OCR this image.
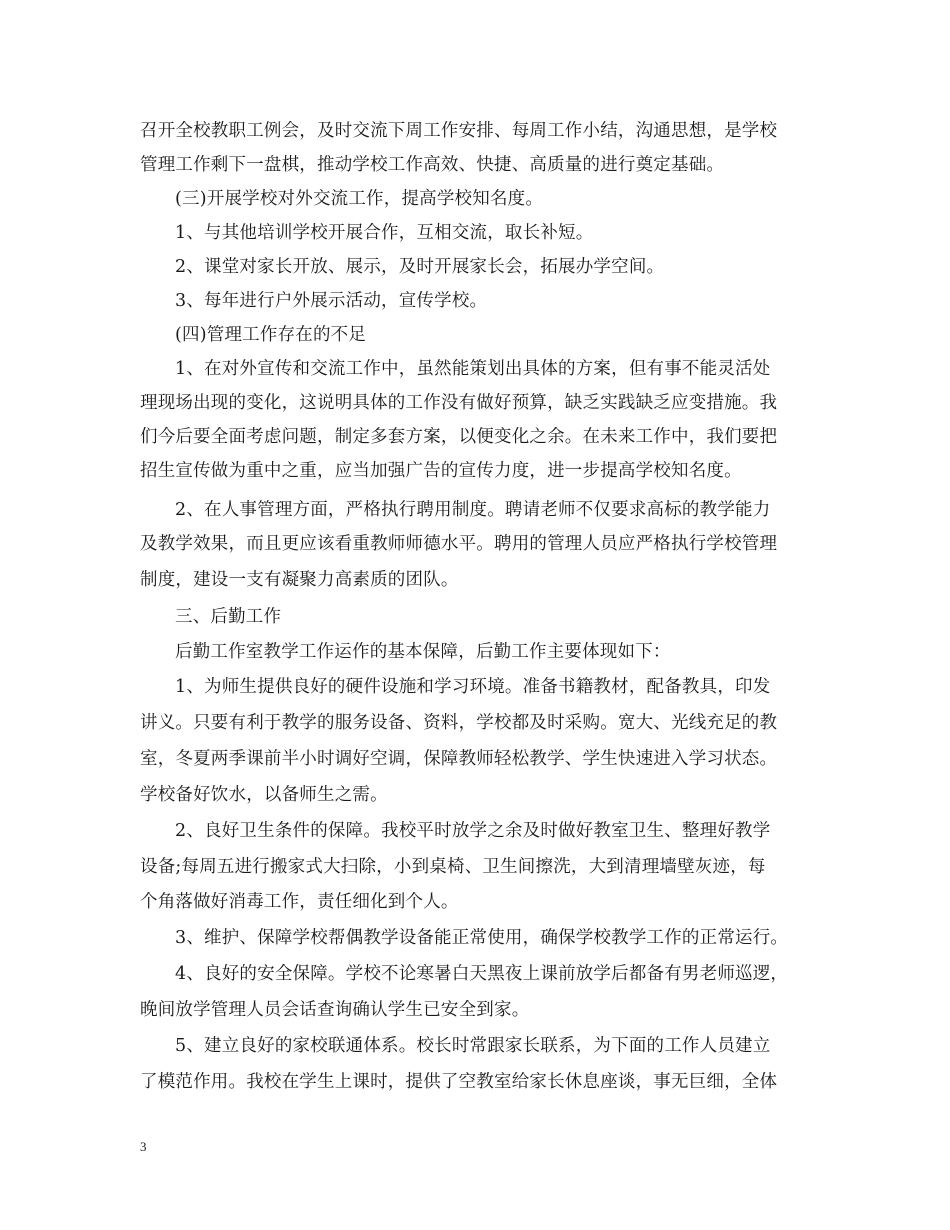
召开全校教职工例会，及时交流下周工作安排、每周工作小结，沟通思想，是学校
管理工作剩下一盘棋，推动学校工作高效、快捷、高质量的进行奠定基础。
(三)开展学校对外交流工作，提高学校知名度。
1、与其他培训学校开展合作，互相交流，取长补短。
2、课堂对家长开放、展示，及时开展家长会，拓展办学空间。
3、每年进行户外展示活动，宣传学校。
(四)管理工作存在的不足
1、在对外宣传和交流工作中，虽然能策划出具体的方案，但有事不能灵活处
理现场出现的变化，这说明具体的工作没有做好预算，缺乏实践缺乏应变措施。我
们今后要全面考虑问题，制定多套方案，以便变化之余。在未来工作中，我们要把
招生宣传做为重中之重，应当加强广告的宣传力度，进一步提高学校知名度。
2、在人事管理方面，严格执行聘用制度。聘请老师不仅要求高标的教学能力
及教学效果，而且更应该看重教师师德水平。聘用的管理人员应严格执行学校管理
制度，建设一支有凝聚力高素质的团队。
三、后勤工作
后勤工作室教学工作运作的基本保障，后勤工作主要体现如下：
1、为师生提供良好的硬件设施和学习环境。准备书籍教材，配备教具，印发
讲义。只要有利于教学的服务设备、资料，学校都及时采购。宽大、光线充足的教
室，冬夏两季课前半小时调好空调，保障教师轻松教学、学生快速进入学习状态。
学校备好饮水，以备师生之需。
2、良好卫生条件的保障。我校平时放学之余及时做好教室卫生、整理好教学
设备;每周五进行搬家式大扫除，小到桌椅、卫生间擦洗，大到清理墙壁灰迹，每
个角落做好消毒工作，责任细化到个人。
3、维护、保障学校帮偶教学设备能正常使用，确保学校教学工作的正常运行。
4、良好的安全保障。学校不论寒暑白天黑夜上课前放学后都备有男老师巡逻，
晚间放学管理人员会话查询确认学生已安全到家。
5、建立良好的家校联通体系。校长时常跟家长联系，为下面的工作人员建立
了模范作用。我校在学生上课时，提供了空教室给家长休息座谈，事无巨细，全体
3
